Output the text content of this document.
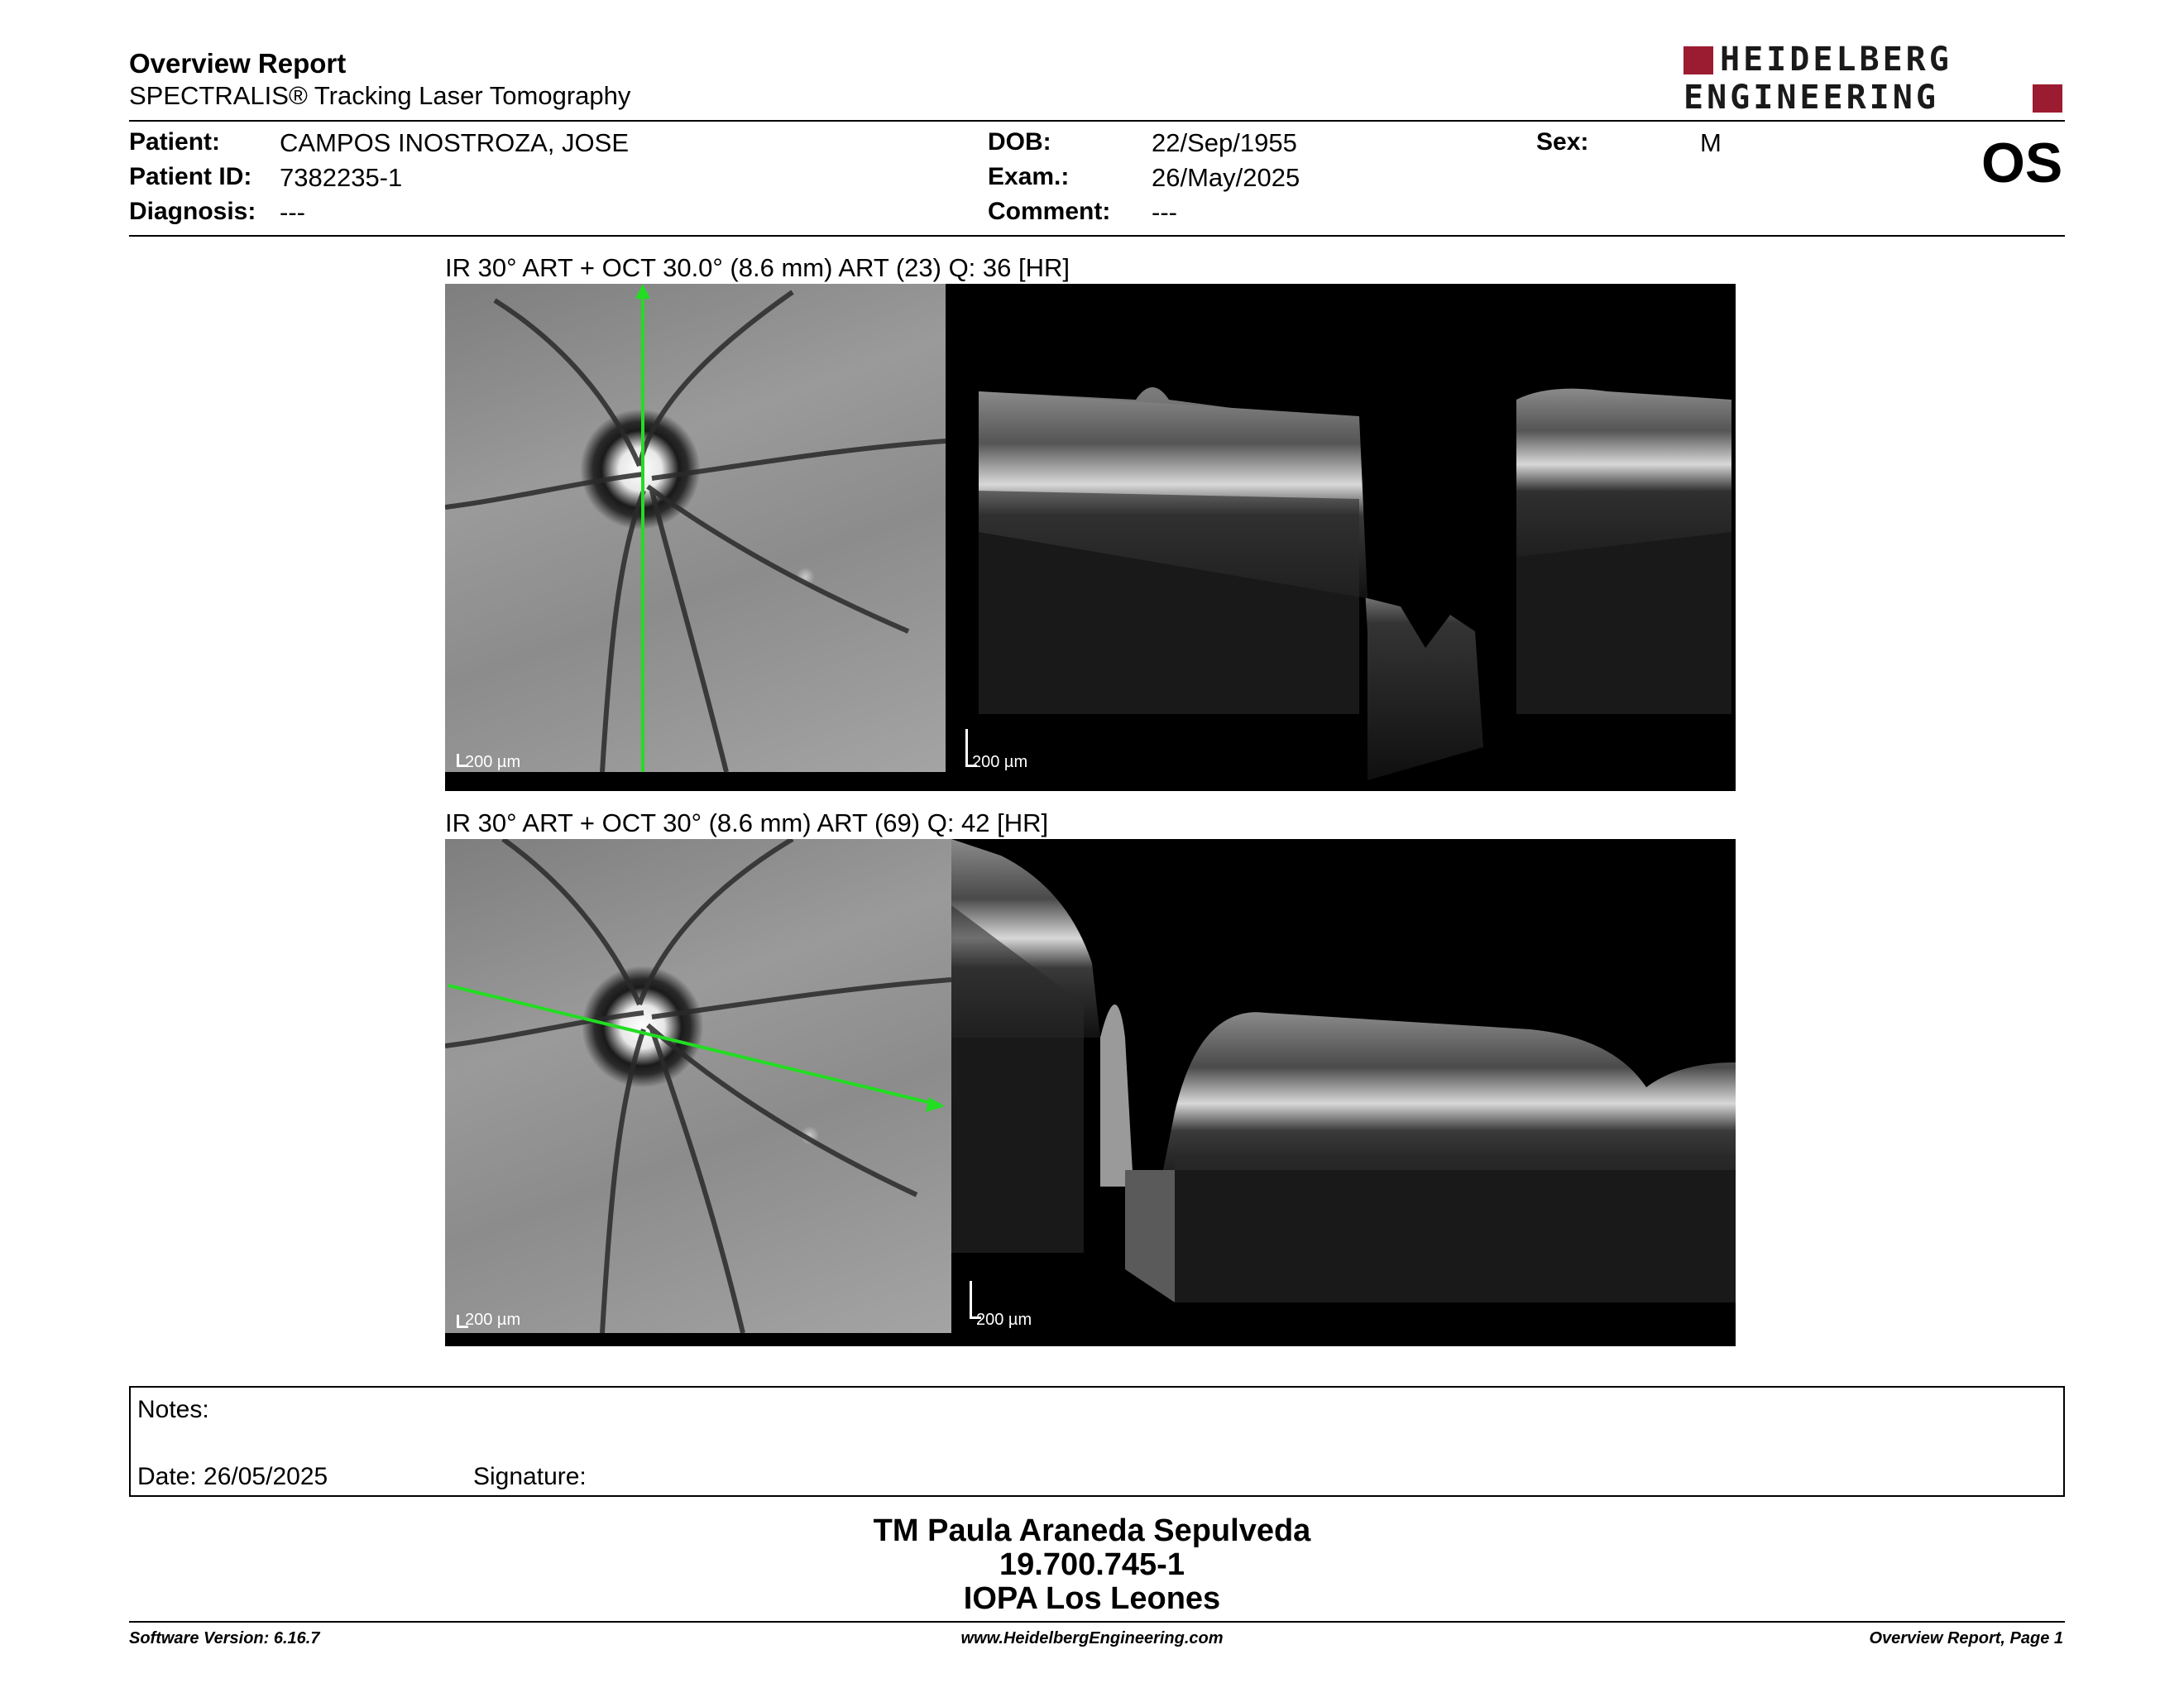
Overview Report
SPECTRALIS® Tracking Laser Tomography
HEIDELBERG
ENGINEERING
Patient: CAMPOS INOSTROZA, JOSE
Patient ID: 7382235-1
Diagnosis: ---
DOB:	22/Sep/1955
Exam.:	26/May/2025
Comment: ---
Sex:	M	OS
IR 30° ART + OCT 30.0° (8.6 mm) ART (23) Q: 36 [HR]
200 µm	200 µm
IR 30° ART + OCT 30° (8.6 mm) ART (69) Q: 42 [HR]
200 µm	200 µm
Notes:
Date: 26/05/2025	Signature:
TM Paula Araneda Sepulveda
19.700.745-1
IOPA Los Leones
Software Version: 6.16.7	www.HeidelbergEngineering.com	Overview Report, Page 1
